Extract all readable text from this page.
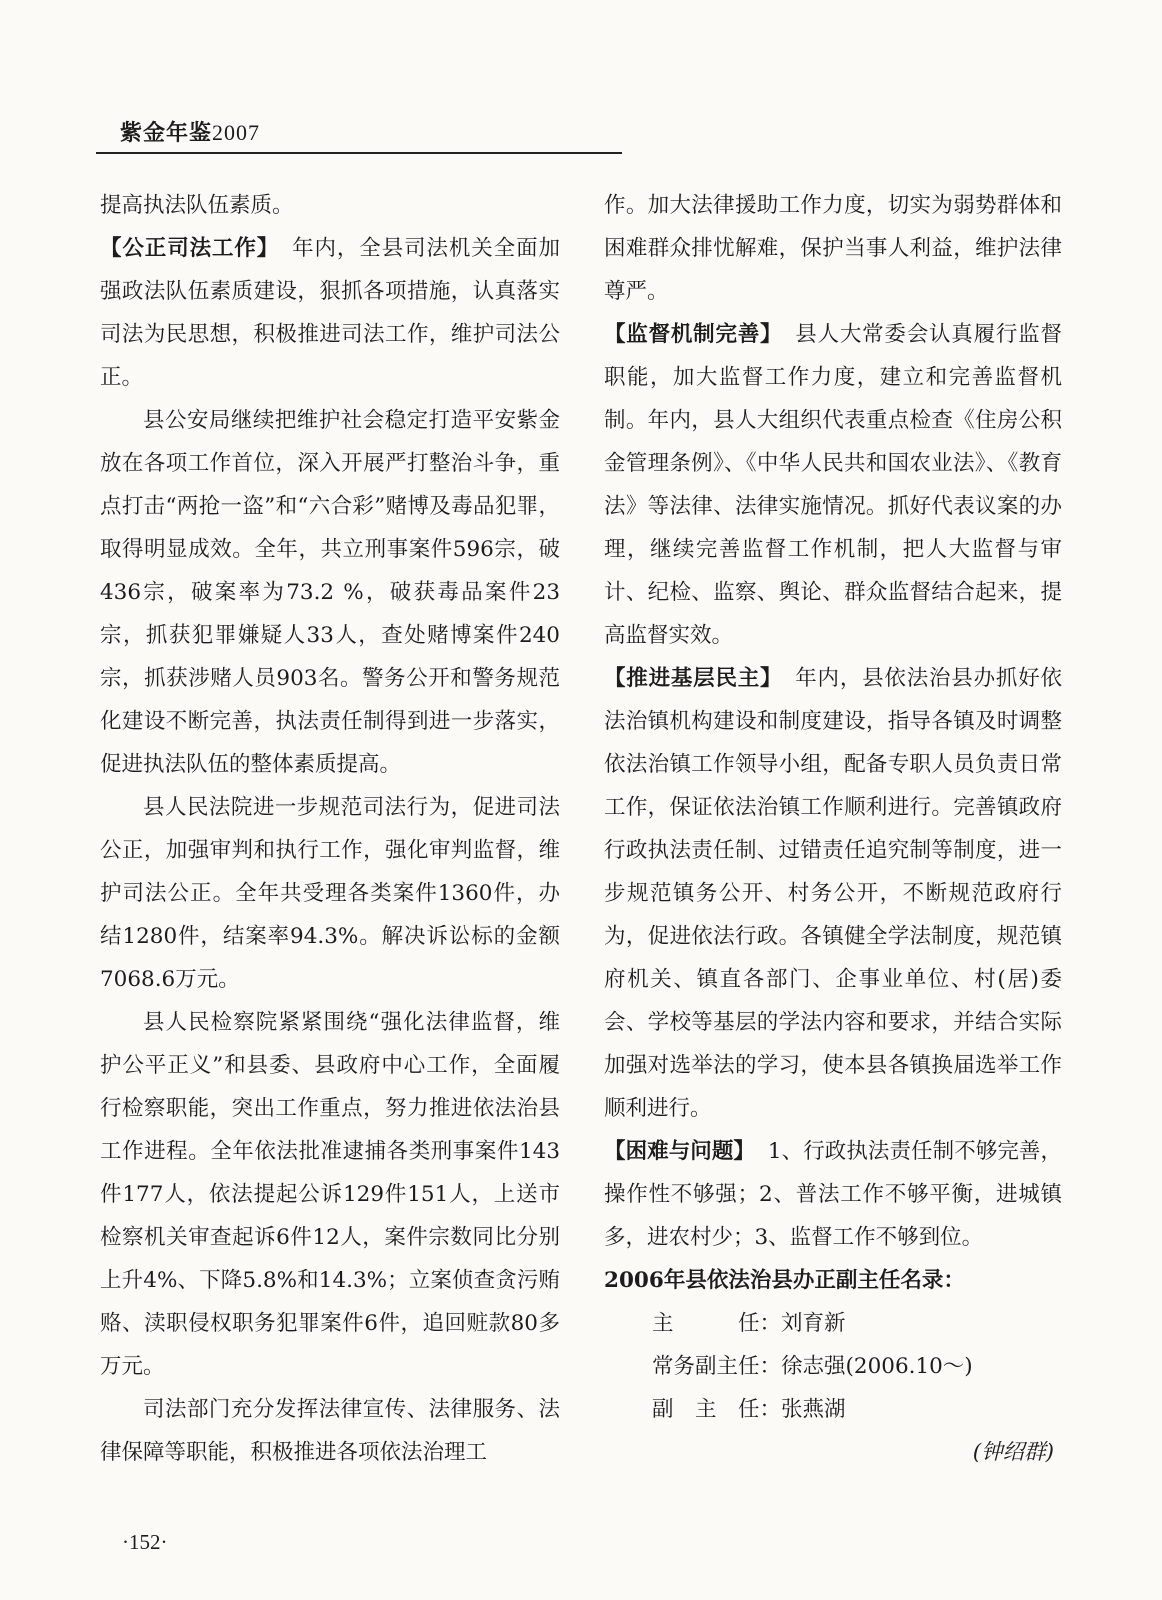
紫金年鉴2007

提高执法队伍素质。

【公正司法工作】 年内，全县司法机关全面加强政法队伍素质建设，狠抓各项措施，认真落实司法为民思想，积极推进司法工作，维护司法公正。

县公安局继续把维护社会稳定打造平安紫金放在各项工作首位，深入开展严打整治斗争，重点打击“两抢一盗”和“六合彩”赌博及毒品犯罪，取得明显成效。全年，共立刑事案件596宗，破436宗，破案率为73.2 %，破获毒品案件23宗，抓获犯罪嫌疑人33人，查处赌博案件240宗，抓获涉赌人员903名。警务公开和警务规范化建设不断完善，执法责任制得到进一步落实，促进执法队伍的整体素质提高。

县人民法院进一步规范司法行为，促进司法公正，加强审判和执行工作，强化审判监督，维护司法公正。全年共受理各类案件1360件，办结1280件，结案率94.3%。解决诉讼标的金额7068.6万元。

县人民检察院紧紧围绕“强化法律监督，维护公平正义”和县委、县政府中心工作，全面履行检察职能，突出工作重点，努力推进依法治县工作进程。全年依法批准逮捕各类刑事案件143件177人，依法提起公诉129件151人，上送市检察机关审查起诉6件12人，案件宗数同比分别上升4%、下降5.8%和14.3%；立案侦查贪污贿赂、渎职侵权职务犯罪案件6件，追回赃款80多万元。

司法部门充分发挥法律宣传、法律服务、法律保障等职能，积极推进各项依法治理工

作。加大法律援助工作力度，切实为弱势群体和困难群众排忧解难，保护当事人利益，维护法律尊严。

【监督机制完善】 县人大常委会认真履行监督职能，加大监督工作力度，建立和完善监督机制。年内，县人大组织代表重点检查《住房公积金管理条例》、《中华人民共和国农业法》、《教育法》等法律、法律实施情况。抓好代表议案的办理，继续完善监督工作机制，把人大监督与审计、纪检、监察、舆论、群众监督结合起来，提高监督实效。

【推进基层民主】 年内，县依法治县办抓好依法治镇机构建设和制度建设，指导各镇及时调整依法治镇工作领导小组，配备专职人员负责日常工作，保证依法治镇工作顺利进行。完善镇政府行政执法责任制、过错责任追究制等制度，进一步规范镇务公开、村务公开，不断规范政府行为，促进依法行政。各镇健全学法制度，规范镇府机关、镇直各部门、企事业单位、村(居)委会、学校等基层的学法内容和要求，并结合实际加强对选举法的学习，使本县各镇换届选举工作顺利进行。

【困难与问题】 1、行政执法责任制不够完善，操作性不够强；2、普法工作不够平衡，进城镇多，进农村少；3、监督工作不够到位。

2006年县依法治县办正副主任名录：

主　　　任：刘育新

常务副主任：徐志强(2006.10～)

副　主　任：张燕湖

(钟绍群)

·152·
